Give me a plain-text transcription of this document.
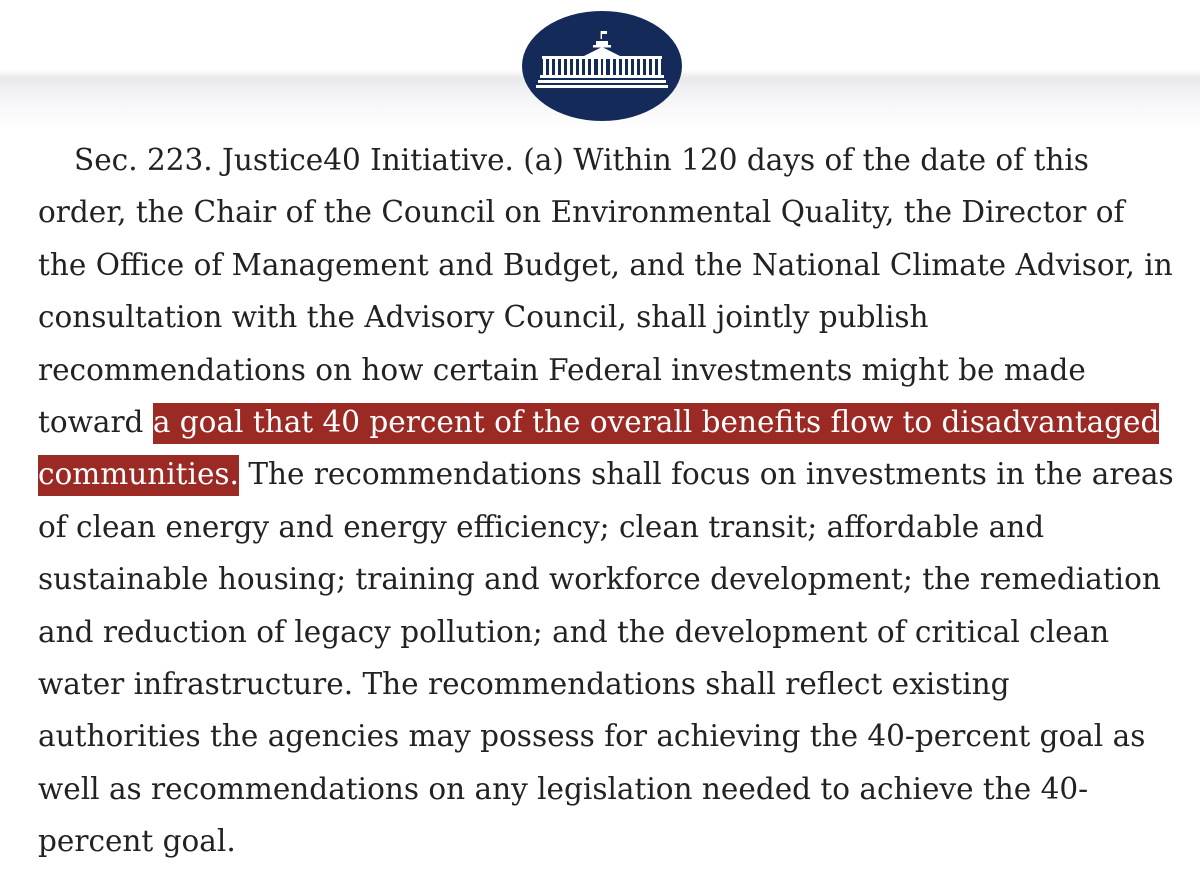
Sec. 223. Justice40 Initiative. (a) Within 120 days of the date of this order, the Chair of the Council on Environmental Quality, the Director of the Office of Management and Budget, and the National Climate Advisor, in consultation with the Advisory Council, shall jointly publish recommendations on how certain Federal investments might be made toward a goal that 40 percent of the overall benefits flow to disadvantaged communities. The recommendations shall focus on investments in the areas of clean energy and energy efficiency; clean transit; affordable and sustainable housing; training and workforce development; the remediation and reduction of legacy pollution; and the development of critical clean water infrastructure. The recommendations shall reflect existing authorities the agencies may possess for achieving the 40-percent goal as well as recommendations on any legislation needed to achieve the 40-percent goal.
